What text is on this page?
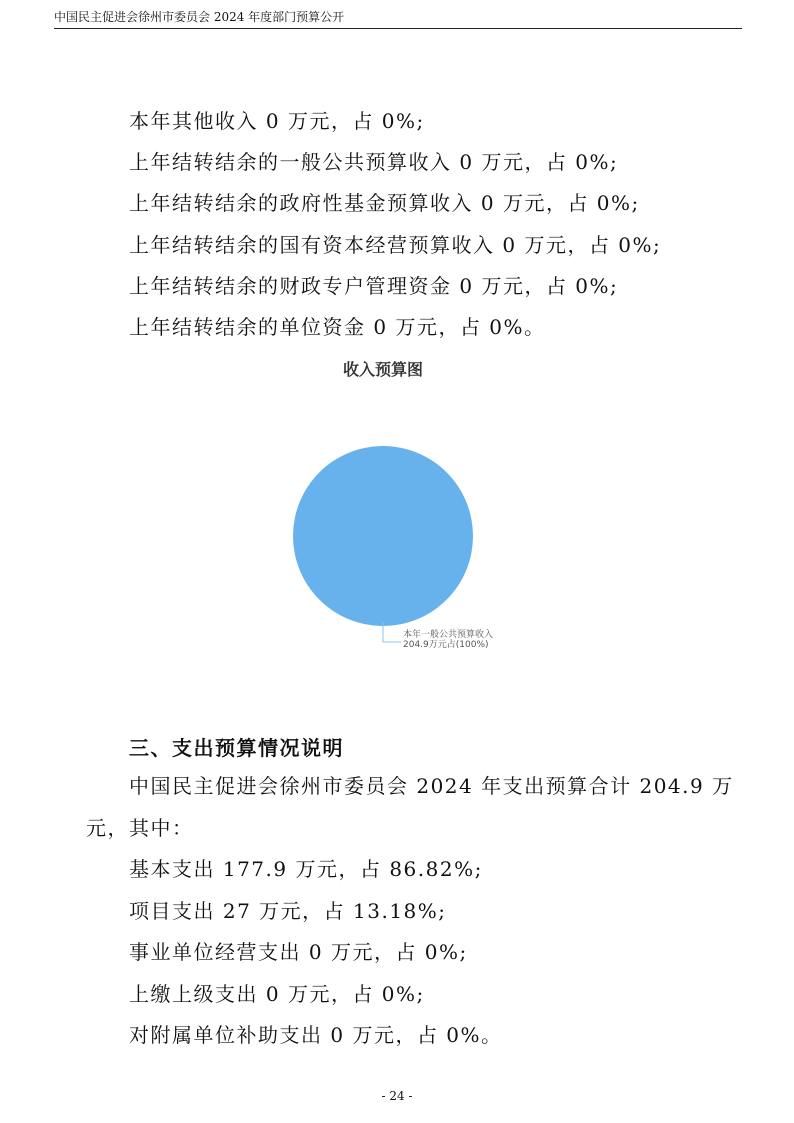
中国民主促进会徐州市委员会 2024 年度部门预算公开
本年其他收入 0 万元，占 0%;
上年结转结余的一般公共预算收入 0 万元，占 0%;
上年结转结余的政府性基金预算收入 0 万元，占 0%;
上年结转结余的国有资本经营预算收入 0 万元，占 0%;
上年结转结余的财政专户管理资金 0 万元，占 0%;
上年结转结余的单位资金 0 万元，占 0%。
收入预算图
本年一般公共预算收入
204.9万元占(100%)
三、支出预算情况说明
中国民主促进会徐州市委员会 2024 年支出预算合计 204.9 万
元，其中：
基本支出 177.9 万元，占 86.82%;
项目支出 27 万元，占 13.18%;
事业单位经营支出 0 万元，占 0%;
上缴上级支出 0 万元，占 0%;
对附属单位补助支出 0 万元，占 0%。
- 24 -
